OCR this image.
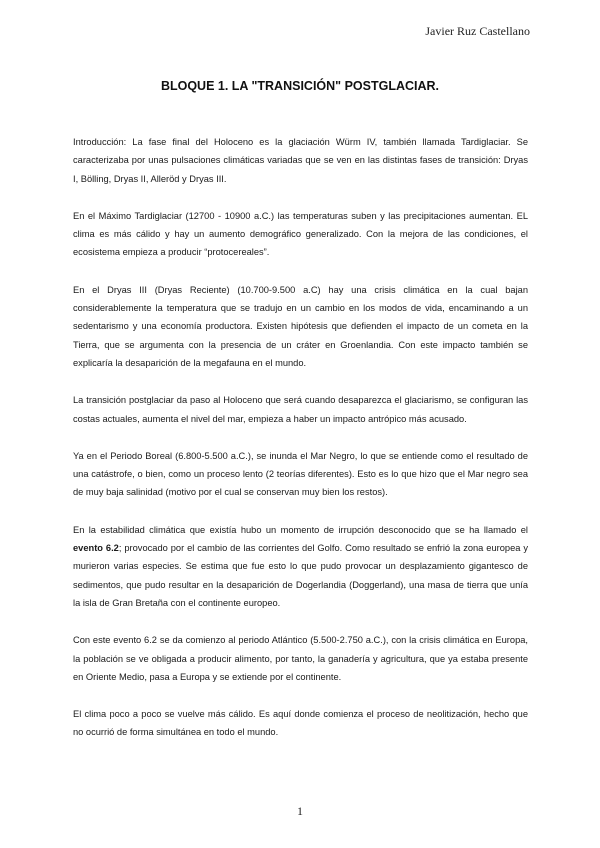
Javier Ruz Castellano
BLOQUE 1. LA "TRANSICIÓN" POSTGLACIAR.

Introducción: La fase final del Holoceno es la glaciación Würm IV, también llamada Tardiglaciar. Se caracterizaba por unas pulsaciones climáticas variadas que se ven en las distintas fases de transición: Dryas I, Bölling, Dryas II, Alleröd y Dryas III.

En el Máximo Tardiglaciar (12700 - 10900 a.C.) las temperaturas suben y las precipitaciones aumentan. EL clima es más cálido y hay un aumento demográfico generalizado. Con la mejora de las condiciones, el ecosistema empieza a producir “protocereales”.

En el Dryas III (Dryas Reciente) (10.700-9.500 a.C) hay una crisis climática en la cual bajan considerablemente la temperatura que se tradujo en un cambio en los modos de vida, encaminando a un sedentarismo y una economía productora. Existen hipótesis que defienden el impacto de un cometa en la Tierra, que se argumenta con la presencia de un cráter en Groenlandia. Con este impacto también se explicaría la desaparición de la megafauna en el mundo.

La transición postglaciar da paso al Holoceno que será cuando desaparezca el glaciarismo, se configuran las costas actuales, aumenta el nivel del mar, empieza a haber un impacto antrópico más acusado.

Ya en el Periodo Boreal (6.800-5.500 a.C.), se inunda el Mar Negro, lo que se entiende como el resultado de una catástrofe, o bien, como un proceso lento (2 teorías diferentes). Esto es lo que hizo que el Mar negro sea de muy baja salinidad (motivo por el cual se conservan muy bien los restos).

En la estabilidad climática que existía hubo un momento de irrupción desconocido que se ha llamado el evento 6.2; provocado por el cambio de las corrientes del Golfo. Como resultado se enfrió la zona europea y murieron varias especies. Se estima que fue esto lo que pudo provocar un desplazamiento gigantesco de sedimentos, que pudo resultar en la desaparición de Dogerlandia (Doggerland), una masa de tierra que unía la isla de Gran Bretaña con el continente europeo.

Con este evento 6.2 se da comienzo al periodo Atlántico (5.500-2.750 a.C.), con la crisis climática en Europa, la población se ve obligada a producir alimento, por tanto, la ganadería y agricultura, que ya estaba presente en Oriente Medio, pasa a Europa y se extiende por el continente.

El clima poco a poco se vuelve más cálido. Es aquí donde comienza el proceso de neolitización, hecho que no ocurrió de forma simultánea en todo el mundo.

1
